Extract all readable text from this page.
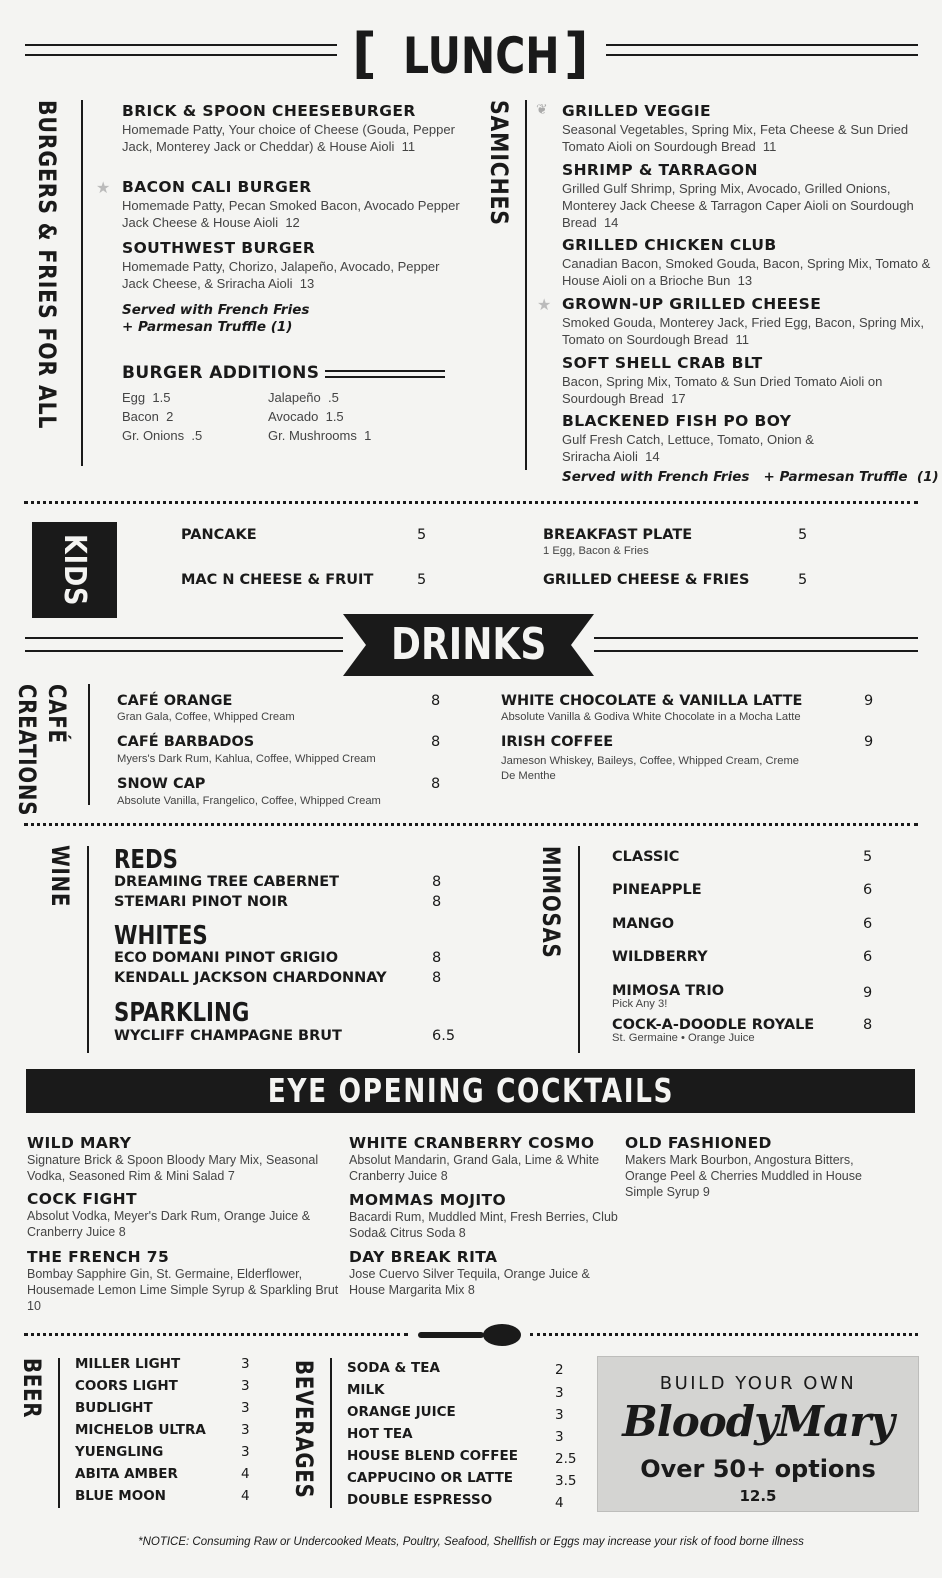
[	]
LUNCH
BURGERS & FRIES FOR ALL	BRICK & SPOON CHEESEBURGER
Homemade Patty, Your choice of Cheese (Gouda, Pepper Jack, Monterey Jack or Cheddar) & House Aioli 11
★ BACON CALI BURGER
Homemade Patty, Pecan Smoked Bacon, Avocado Pepper Jack Cheese & House Aioli 12
SOUTHWEST BURGER
Homemade Patty, Chorizo, Jalapeño, Avocado, Pepper Jack Cheese, & Sriracha Aioli 13
Served with French Fries
+ Parmesan Truffle (1)
BURGER ADDITIONS
Egg 1.5
Bacon 2
Gr. Onions .5
Jalapeño .5
Avocado 1.5
Gr. Mushrooms 1
SAMICHES ❦ GRILLED VEGGIE
Seasonal Vegetables, Spring Mix, Feta Cheese & Sun Dried Tomato Aioli on Sourdough Bread 11
SHRIMP & TARRAGON
Grilled Gulf Shrimp, Spring Mix, Avocado, Grilled Onions, Monterey Jack Cheese & Tarragon Caper Aioli on Sourdough Bread 14
GRILLED CHICKEN CLUB
Canadian Bacon, Smoked Gouda, Bacon, Spring Mix, Tomato & House Aioli on a Brioche Bun 13
★ GROWN-UP GRILLED CHEESE
Smoked Gouda, Monterey Jack, Fried Egg, Bacon, Spring Mix, Tomato on Sourdough Bread 11
SOFT SHELL CRAB BLT
Bacon, Spring Mix, Tomato & Sun Dried Tomato Aioli on Sourdough Bread 17
BLACKENED FISH PO BOY
Gulf Fresh Catch, Lettuce, Tomato, Onion & Sriracha Aioli 14
Served with French Fries   + Parmesan Truffle  (1)
KIDS	PANCAKE	5
MAC N CHEESE & FRUIT	5
BREAKFAST PLATE	5
1 Egg, Bacon & Fries
GRILLED CHEESE & FRIES	5
DRINKS
CAFÉ
CREATIONS	CAFÉ ORANGE	8
Gran Gala, Coffee, Whipped Cream
CAFÉ BARBADOS	8
Myers's Dark Rum, Kahlua, Coffee, Whipped Cream
SNOW CAP	8
Absolute Vanilla, Frangelico, Coffee, Whipped Cream
WHITE CHOCOLATE & VANILLA LATTE	9
Absolute Vanilla & Godiva White Chocolate in a Mocha Latte
IRISH COFFEE	9
Jameson Whiskey, Baileys, Coffee, Whipped Cream, Creme De Menthe
WINE REDS
DREAMING TREE CABERNET	8
STEMARI PINOT NOIR	8
WHITES
ECO DOMANI PINOT GRIGIO	8
KENDALL JACKSON CHARDONNAY	8
SPARKLING
WYCLIFF CHAMPAGNE BRUT	6.5
MIMOSAS	CLASSIC	5
PINEAPPLE	6
MANGO	6
WILDBERRY	6
MIMOSA TRIO	9
Pick Any 3!
COCK-A-DOODLE ROYALE	8
St. Germaine • Orange Juice
EYE OPENING COCKTAILS
WILD MARY
Signature Brick & Spoon Bloody Mary Mix, Seasonal Vodka, Seasoned Rim & Mini Salad 7
COCK FIGHT
Absolut Vodka, Meyer's Dark Rum, Orange Juice & Cranberry Juice 8
THE FRENCH 75
Bombay Sapphire Gin, St. Germaine, Elderflower, Housemade Lemon Lime Simple Syrup & Sparkling Brut 10
WHITE CRANBERRY COSMO
Absolut Mandarin, Grand Gala, Lime & White Cranberry Juice 8
MOMMAS MOJITO
Bacardi Rum, Muddled Mint, Fresh Berries, Club Soda& Citrus Soda 8
DAY BREAK RITA
Jose Cuervo Silver Tequila, Orange Juice & House Margarita Mix 8
OLD FASHIONED
Makers Mark Bourbon, Angostura Bitters, Orange Peel & Cherries Muddled in House Simple Syrup 9
BEER MILLER LIGHT	3
COORS LIGHT	3
BUDLIGHT	3
MICHELOB ULTRA	3
YUENGLING	3
ABITA AMBER	4
BLUE MOON	4 BEVERAGES SODA & TEA	2
MILK	3
ORANGE JUICE	3
HOT TEA	3
HOUSE BLEND COFFEE	2.5
CAPPUCINO OR LATTE	3.5
DOUBLE ESPRESSO	4
BUILD YOUR OWN
BloodyMary
Over 50+ options
12.5
*NOTICE: Consuming Raw or Undercooked Meats, Poultry, Seafood, Shellfish or Eggs may increase your risk of food borne illness
